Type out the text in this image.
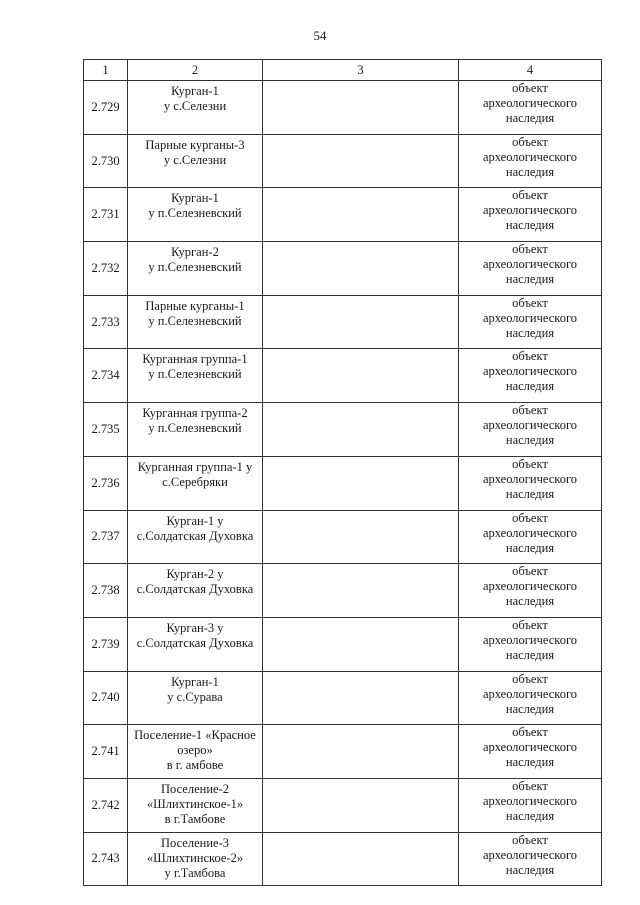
54
1	2	3	4
2.729	Курган-1
у с.Селезни		объект
археологического
наследия
2.730	Парные курганы-3
у с.Селезни		объект
археологического
наследия
2.731	Курган-1
у п.Селезневский		объект
археологического
наследия
2.732	Курган-2
у п.Селезневский		объект
археологического
наследия
2.733	Парные курганы-1
у п.Селезневский		объект
археологического
наследия
2.734	Курганная группа-1
у п.Селезневский		объект
археологического
наследия
2.735	Курганная группа-2
у п.Селезневский		объект
археологического
наследия
2.736	Курганная группа-1 у
с.Серебряки		объект
археологического
наследия
2.737	Курган-1 у
с.Солдатская Духовка		объект
археологического
наследия
2.738	Курган-2 у
с.Солдатская Духовка		объект
археологического
наследия
2.739	Курган-3 у
с.Солдатская Духовка		объект
археологического
наследия
2.740	Курган-1
у с.Сурава		объект
археологического
наследия
2.741	Поселение-1 «Красное
озеро»
в г. амбове		объект
археологического
наследия
2.742	Поселение-2
«Шлихтинское-1»
в г.Тамбове		объект
археологического
наследия
2.743	Поселение-3
«Шлихтинское-2»
у г.Тамбова		объект
археологического
наследия
